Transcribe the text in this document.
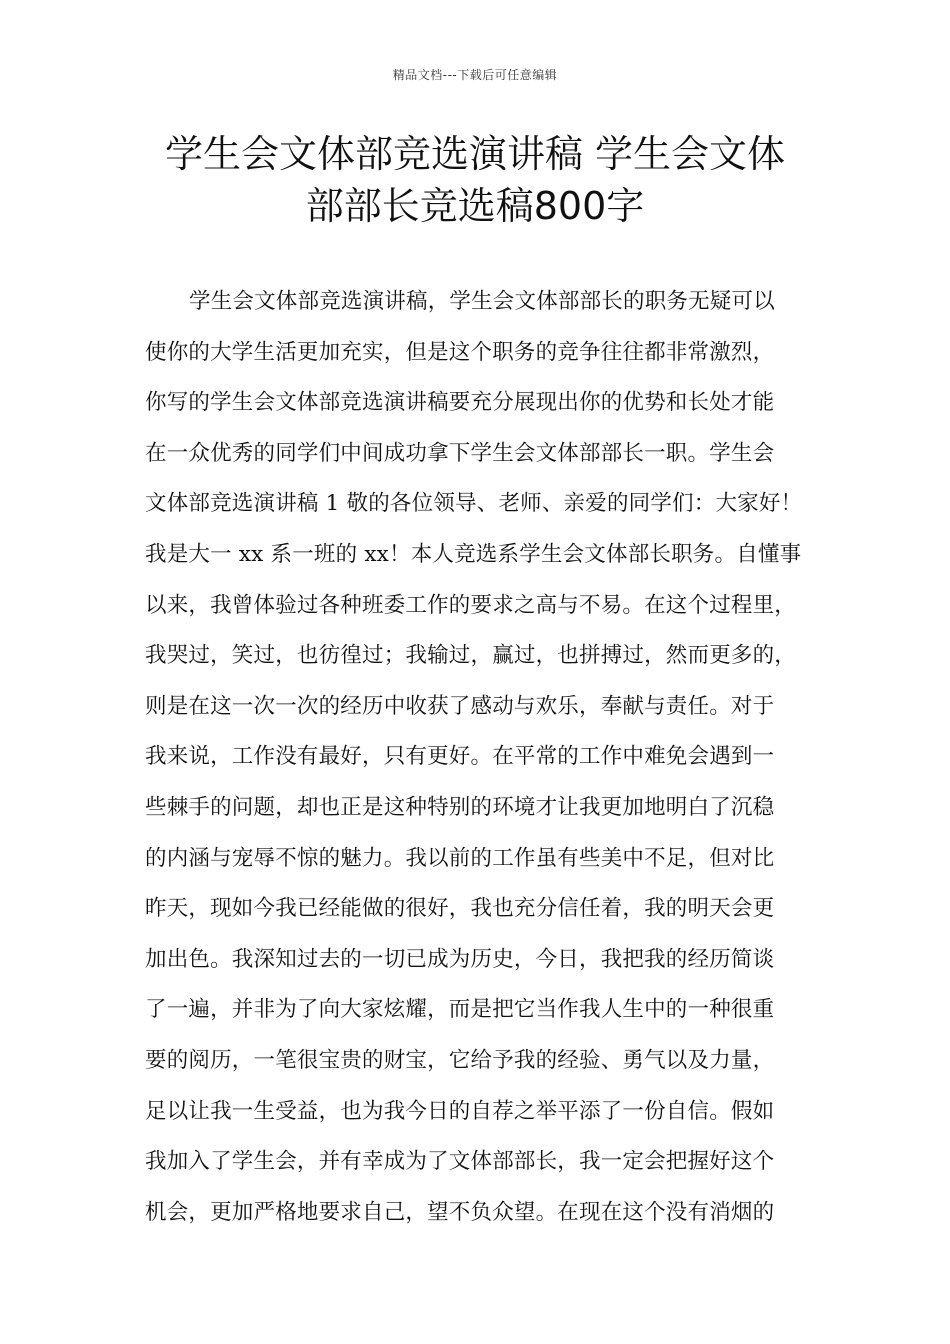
精品文档---下载后可任意编辑
学生会文体部竞选演讲稿 学生会文体
部部长竞选稿800字
学生会文体部竞选演讲稿，学生会文体部部长的职务无疑可以
使你的大学生活更加充实，但是这个职务的竞争往往都非常激烈，
你写的学生会文体部竞选演讲稿要充分展现出你的优势和长处才能
在一众优秀的同学们中间成功拿下学生会文体部部长一职。学生会
文体部竞选演讲稿 1 敬的各位领导、老师、亲爱的同学们：大家好！
我是大一 xx 系一班的 xx！本人竞选系学生会文体部长职务。自懂事
以来，我曾体验过各种班委工作的要求之高与不易。在这个过程里，
我哭过，笑过，也彷徨过；我输过，赢过，也拼搏过，然而更多的，
则是在这一次一次的经历中收获了感动与欢乐，奉献与责任。对于
我来说，工作没有最好，只有更好。在平常的工作中难免会遇到一
些棘手的问题，却也正是这种特别的环境才让我更加地明白了沉稳
的内涵与宠辱不惊的魅力。我以前的工作虽有些美中不足，但对比
昨天，现如今我已经能做的很好，我也充分信任着，我的明天会更
加出色。我深知过去的一切已成为历史，今日，我把我的经历简谈
了一遍，并非为了向大家炫耀，而是把它当作我人生中的一种很重
要的阅历，一笔很宝贵的财宝，它给予我的经验、勇气以及力量，
足以让我一生受益，也为我今日的自荐之举平添了一份自信。假如
我加入了学生会，并有幸成为了文体部部长，我一定会把握好这个
机会，更加严格地要求自己，望不负众望。在现在这个没有消烟的
